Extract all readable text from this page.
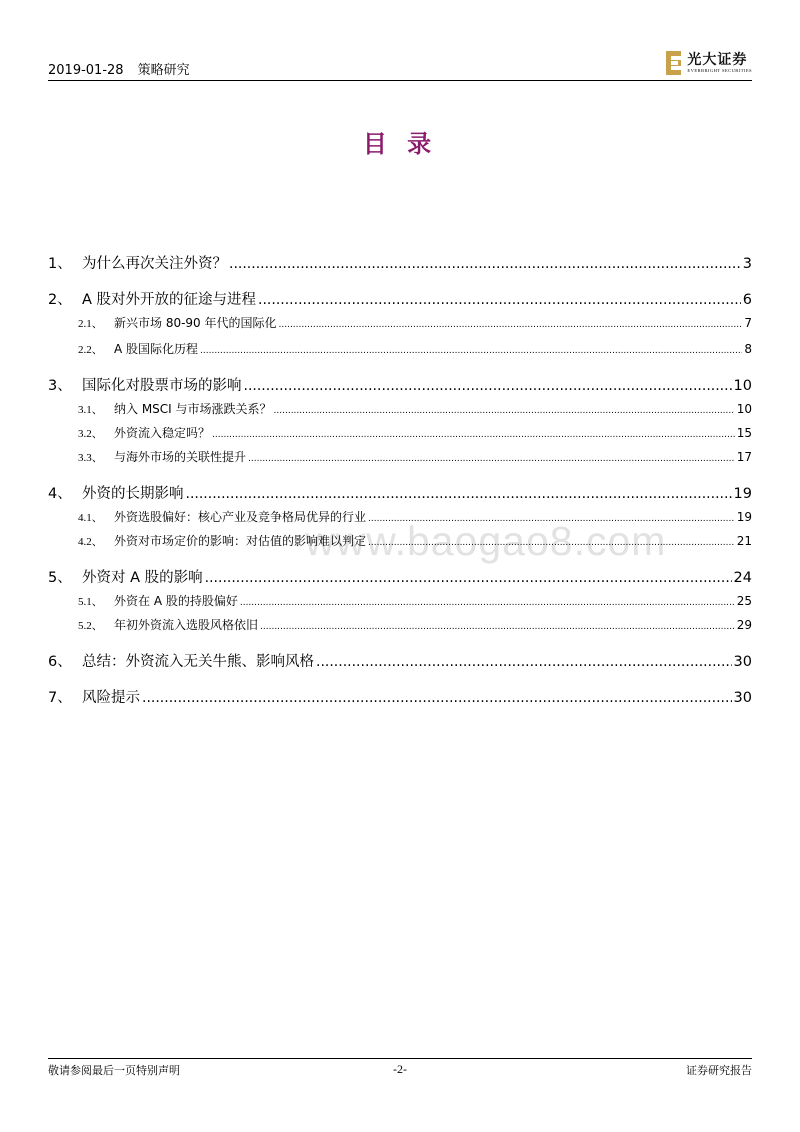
2019-01-28 策略研究
光大证券
EVERBRIGHT SECURITIES
目 录
www.baogao8.com
1、 为什么再次关注外资？ .....	3
2、 A 股对外开放的征途与进程 .....	6
2.1、 新兴市场 80-90 年代的国际化 .....	7
2.2、 A 股国际化历程 .....	8
3、 国际化对股票市场的影响 .....	10
3.1、 纳入 MSCI 与市场涨跌关系？ .....	10
3.2、 外资流入稳定吗？ .....	15
3.3、 与海外市场的关联性提升 .....	17
4、 外资的长期影响 .....	19
4.1、 外资选股偏好：核心产业及竞争格局优异的行业 .....	19
4.2、 外资对市场定价的影响：对估值的影响难以判定 .....	21
5、 外资对 A 股的影响 .....	24
5.1、 外资在 A 股的持股偏好 .....	25
5.2、 年初外资流入选股风格依旧 .....	29
6、 总结：外资流入无关牛熊、影响风格 .....	30
7、 风险提示 .....	30
敬请参阅最后一页特别声明	-2-	证券研究报告
